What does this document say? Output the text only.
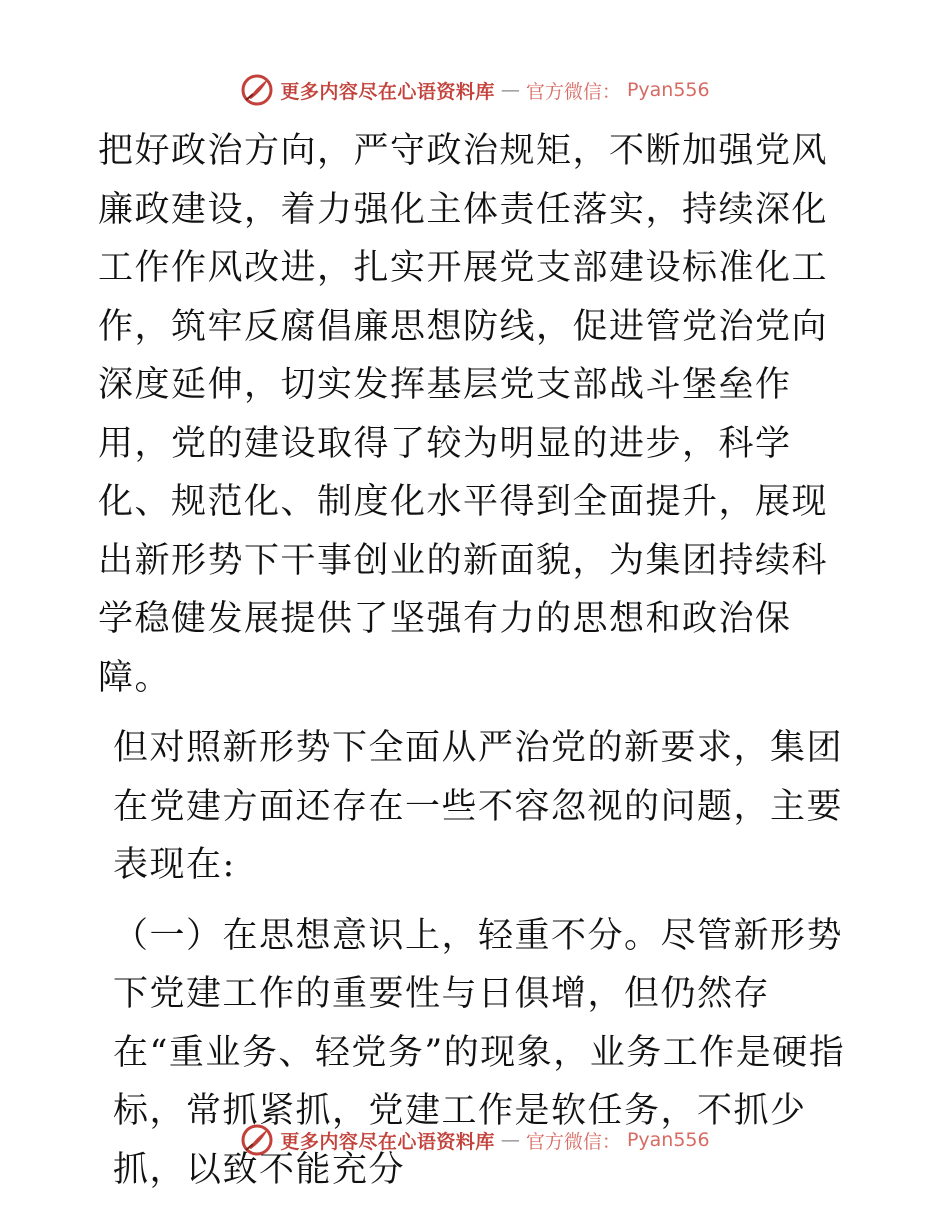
更多内容尽在心语资料库 — 官方微信： Pyan556

把好政治方向，严守政治规矩，不断加强党风廉政建设，着力强化主体责任落实，持续深化工作作风改进，扎实开展党支部建设标准化工作，筑牢反腐倡廉思想防线，促进管党治党向深度延伸，切实发挥基层党支部战斗堡垒作用，党的建设取得了较为明显的进步，科学化、规范化、制度化水平得到全面提升，展现出新形势下干事创业的新面貌，为集团持续科学稳健发展提供了坚强有力的思想和政治保障。

但对照新形势下全面从严治党的新要求，集团在党建方面还存在一些不容忽视的问题，主要表现在:

（一）在思想意识上，轻重不分。尽管新形势下党建工作的重要性与日俱增，但仍然存在“重业务、轻党务”的现象，业务工作是硬指标，常抓紧抓，党建工作是软任务，不抓少抓，以致不能充分

更多内容尽在心语资料库 — 官方微信： Pyan556
